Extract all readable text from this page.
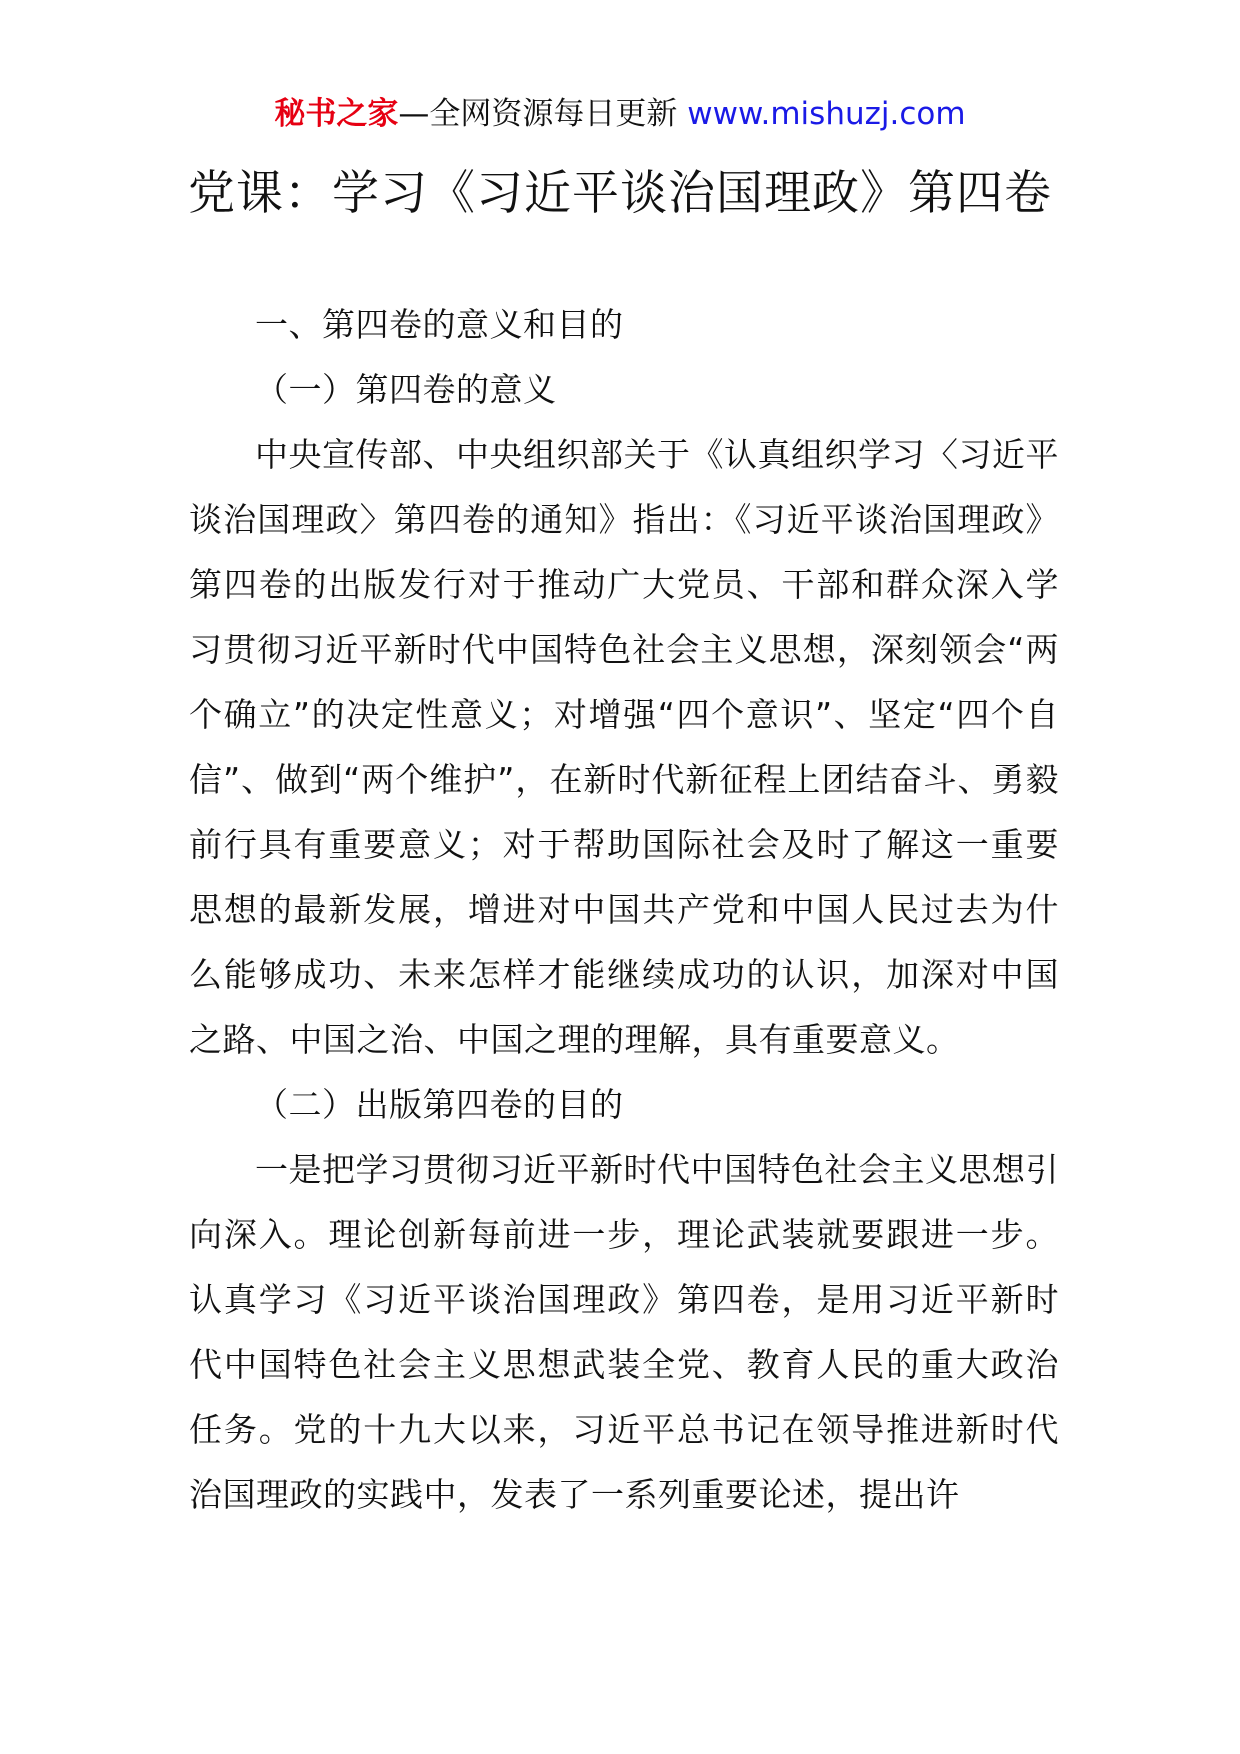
秘书之家—全网资源每日更新 www.mishuzj.com
党课：学习《习近平谈治国理政》第四卷

一、第四卷的意义和目的

（一）第四卷的意义

中央宣传部、中央组织部关于《认真组织学习〈习近平谈治国理政〉第四卷的通知》指出：《习近平谈治国理政》第四卷的出版发行对于推动广大党员、干部和群众深入学习贯彻习近平新时代中国特色社会主义思想，深刻领会“两个确立”的决定性意义；对增强“四个意识”、坚定“四个自信”、做到“两个维护”，在新时代新征程上团结奋斗、勇毅前行具有重要意义；对于帮助国际社会及时了解这一重要思想的最新发展，增进对中国共产党和中国人民过去为什么能够成功、未来怎样才能继续成功的认识，加深对中国之路、中国之治、中国之理的理解，具有重要意义。

（二）出版第四卷的目的

一是把学习贯彻习近平新时代中国特色社会主义思想引向深入。理论创新每前进一步，理论武装就要跟进一步。认真学习《习近平谈治国理政》第四卷，是用习近平新时代中国特色社会主义思想武装全党、教育人民的重大政治任务。党的十九大以来，习近平总书记在领导推进新时代治国理政的实践中，发表了一系列重要论述，提出许
